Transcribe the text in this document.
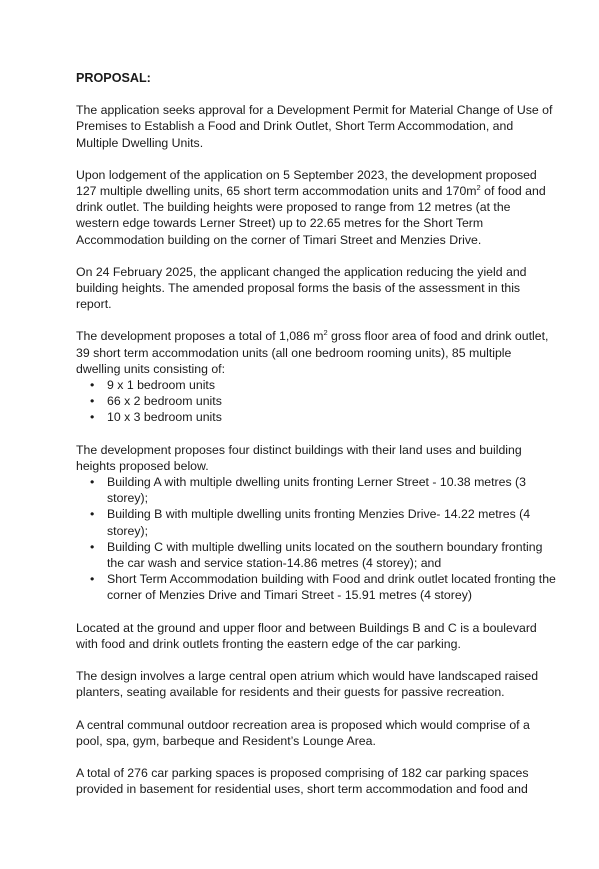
PROPOSAL:

The application seeks approval for a Development Permit for Material Change of Use of Premises to Establish a Food and Drink Outlet, Short Term Accommodation, and Multiple Dwelling Units.

Upon lodgement of the application on 5 September 2023, the development proposed 127 multiple dwelling units, 65 short term accommodation units and $170m^2$ of food and drink outlet. The building heights were proposed to range from 12 metres (at the western edge towards Lerner Street) up to 22.65 metres for the Short Term Accommodation building on the corner of Timari Street and Menzies Drive.

On 24 February 2025, the applicant changed the application reducing the yield and building heights. The amended proposal forms the basis of the assessment in this report.

The development proposes a total of 1,086 $m^2$ gross floor area of food and drink outlet, 39 short term accommodation units (all one bedroom rooming units), 85 multiple dwelling units consisting of:

• 9 x 1 bedroom units
• 66 x 2 bedroom units
• 10 x 3 bedroom units

The development proposes four distinct buildings with their land uses and building heights proposed below.

• Building A with multiple dwelling units fronting Lerner Street - 10.38 metres (3 storey);
• Building B with multiple dwelling units fronting Menzies Drive- 14.22 metres (4 storey);
• Building C with multiple dwelling units located on the southern boundary fronting the car wash and service station-14.86 metres (4 storey); and
• Short Term Accommodation building with Food and drink outlet located fronting the corner of Menzies Drive and Timari Street - 15.91 metres (4 storey)

Located at the ground and upper floor and between Buildings B and C is a boulevard with food and drink outlets fronting the eastern edge of the car parking.

The design involves a large central open atrium which would have landscaped raised planters, seating available for residents and their guests for passive recreation.

A central communal outdoor recreation area is proposed which would comprise of a pool, spa, gym, barbeque and Resident’s Lounge Area.

A total of 276 car parking spaces is proposed comprising of 182 car parking spaces provided in basement for residential uses, short term accommodation and food and
